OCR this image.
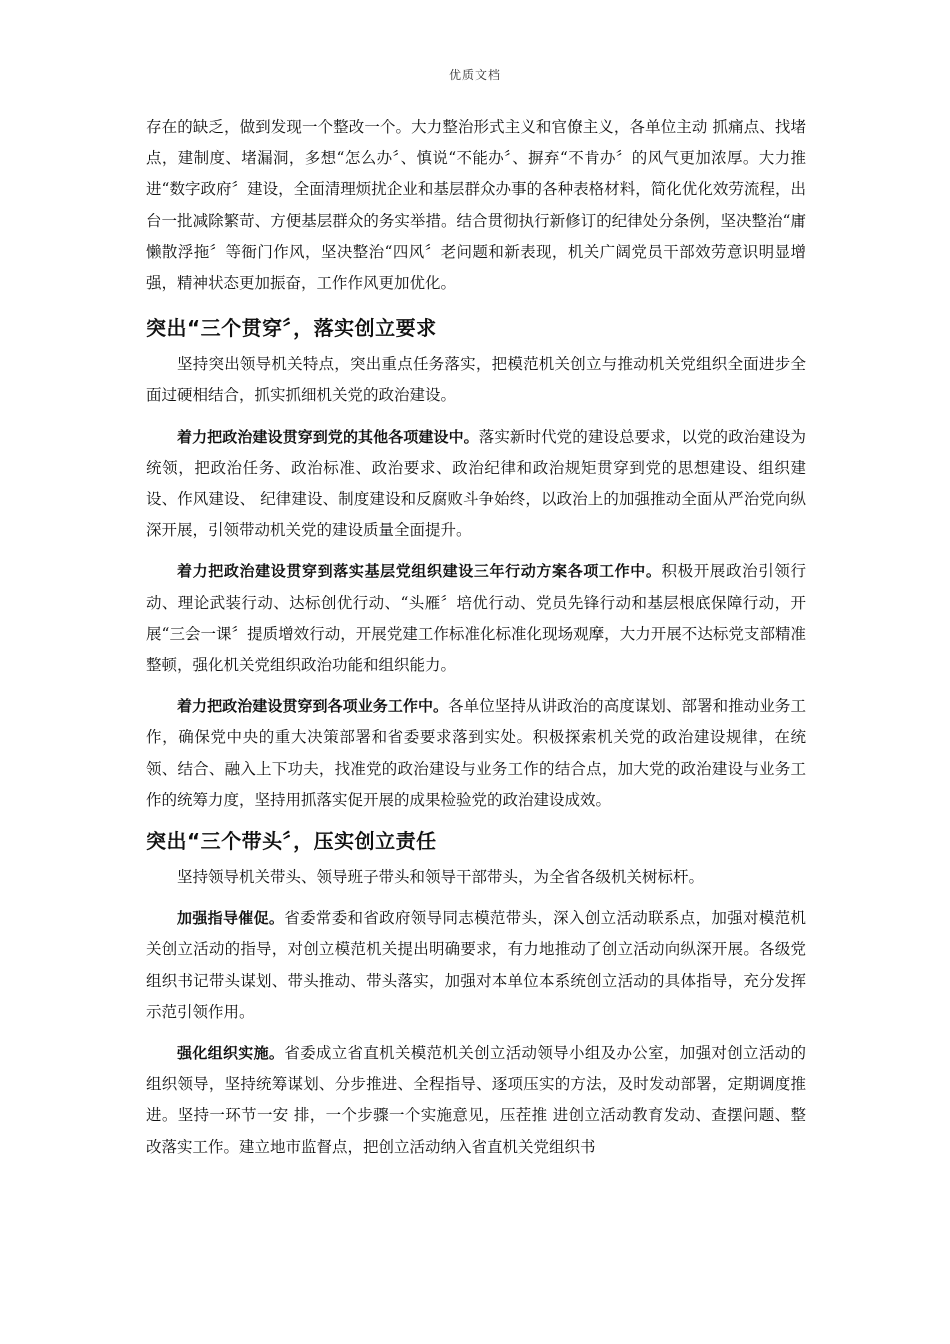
优质文档

存在的缺乏，做到发现一个整改一个。大力整治形式主义和官僚主义，各单位主动 抓痛点、找堵点，建制度、堵漏洞，多想“怎么办〞、慎说“不能办〞、摒弃“不肯办〞的风气更加浓厚。大力推进“数字政府〞建设，全面清理烦扰企业和基层群众办事的各种表格材料，简化优化效劳流程，出台一批减除繁苛、方便基层群众的务实举措。结合贯彻执行新修订的纪律处分条例，坚决整治“庸懒散浮拖〞等衙门作风，坚决整治“四风〞老问题和新表现，机关广阔党员干部效劳意识明显增强，精神状态更加振奋，工作作风更加优化。

突出“三个贯穿〞，落实创立要求

坚持突出领导机关特点，突出重点任务落实，把模范机关创立与推动机关党组织全面进步全面过硬相结合，抓实抓细机关党的政治建设。

着力把政治建设贯穿到党的其他各项建设中。落实新时代党的建设总要求，以党的政治建设为统领，把政治任务、政治标准、政治要求、政治纪律和政治规矩贯穿到党的思想建设、组织建设、作风建设、 纪律建设、制度建设和反腐败斗争始终，以政治上的加强推动全面从严治党向纵深开展，引领带动机关党的建设质量全面提升。

着力把政治建设贯穿到落实基层党组织建设三年行动方案各项工作中。积极开展政治引领行动、理论武装行动、达标创优行动、“头雁〞培优行动、党员先锋行动和基层根底保障行动，开展“三会一课〞提质增效行动，开展党建工作标准化标准化现场观摩，大力开展不达标党支部精准整顿，强化机关党组织政治功能和组织能力。

着力把政治建设贯穿到各项业务工作中。各单位坚持从讲政治的高度谋划、部署和推动业务工作，确保党中央的重大决策部署和省委要求落到实处。积极探索机关党的政治建设规律，在统领、结合、融入上下功夫，找准党的政治建设与业务工作的结合点，加大党的政治建设与业务工作的统筹力度，坚持用抓落实促开展的成果检验党的政治建设成效。

突出“三个带头〞，压实创立责任

坚持领导机关带头、领导班子带头和领导干部带头，为全省各级机关树标杆。

加强指导催促。省委常委和省政府领导同志模范带头，深入创立活动联系点，加强对模范机关创立活动的指导，对创立模范机关提出明确要求，有力地推动了创立活动向纵深开展。各级党组织书记带头谋划、带头推动、带头落实，加强对本单位本系统创立活动的具体指导，充分发挥示范引领作用。

强化组织实施。省委成立省直机关模范机关创立活动领导小组及办公室，加强对创立活动的组织领导，坚持统筹谋划、分步推进、全程指导、逐项压实的方法，及时发动部署，定期调度推进。坚持一环节一安 排，一个步骤一个实施意见，压茬推 进创立活动教育发动、查摆问题、整改落实工作。建立地市监督点，把创立活动纳入省直机关党组织书
